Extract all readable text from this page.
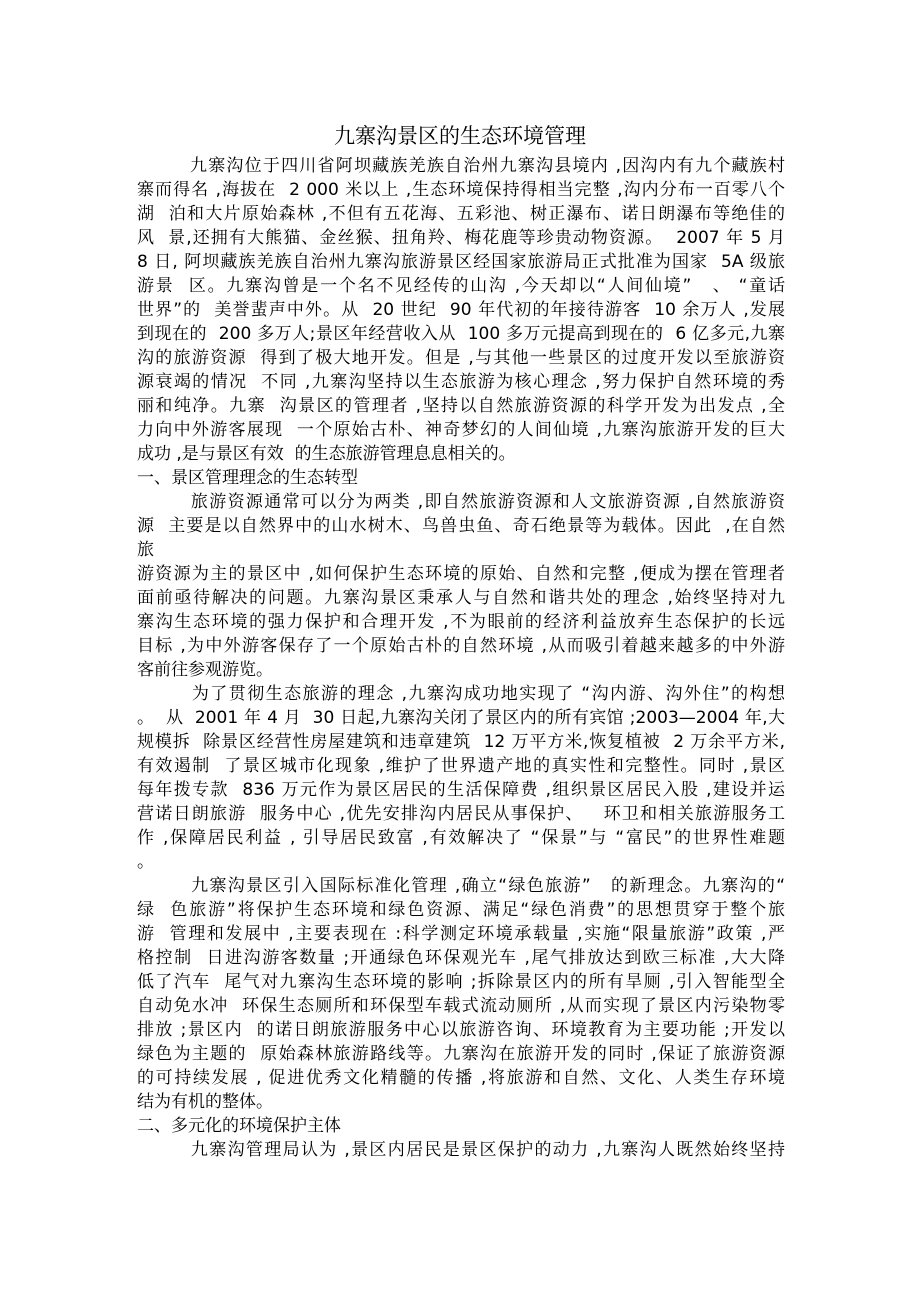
九寨沟景区的生态环境管理
九寨沟位于四川省阿坝藏族羌族自治州九寨沟县境内 ,因沟内有九个藏族村
寨而得名 ,海拔在  2 000 米以上 ,生态环境保持得相当完整 ,沟内分布一百零八个
湖  泊和大片原始森林 ,不但有五花海、五彩池、树正瀑布、诺日朗瀑布等绝佳的
风  景,还拥有大熊猫、金丝猴、扭角羚、梅花鹿等珍贵动物资源。  2007 年 5 月
8 日, 阿坝藏族羌族自治州九寨沟旅游景区经国家旅游局正式批准为国家  5A 级旅
游景  区。九寨沟曾是一个名不见经传的山沟 ,今天却以“人间仙境”   、 “童话
世界”的  美誉蜚声中外。从  20 世纪  90 年代初的年接待游客  10 余万人 ,发展
到现在的  200 多万人;景区年经营收入从  100 多万元提高到现在的  6 亿多元,九寨
沟的旅游资源  得到了极大地开发。但是 ,与其他一些景区的过度开发以至旅游资
源衰竭的情况  不同 ,九寨沟坚持以生态旅游为核心理念 ,努力保护自然环境的秀
丽和纯净。九寨  沟景区的管理者 ,坚持以自然旅游资源的科学开发为出发点 ,全
力向中外游客展现  一个原始古朴、神奇梦幻的人间仙境 ,九寨沟旅游开发的巨大
成功 ,是与景区有效  的生态旅游管理息息相关的。
一、景区管理理念的生态转型
旅游资源通常可以分为两类 ,即自然旅游资源和人文旅游资源 ,自然旅游资
源  主要是以自然界中的山水树木、鸟兽虫鱼、奇石绝景等为载体。因此  ,在自然
旅
游资源为主的景区中 ,如何保护生态环境的原始、自然和完整 ,便成为摆在管理者
面前亟待解决的问题。九寨沟景区秉承人与自然和谐共处的理念 ,始终坚持对九
寨沟生态环境的强力保护和合理开发 ,不为眼前的经济利益放弃生态保护的长远
目标 ,为中外游客保存了一个原始古朴的自然环境 ,从而吸引着越来越多的中外游
客前往参观游览。
为了贯彻生态旅游的理念 ,九寨沟成功地实现了 “沟内游、沟外住”的构想
。  从  2001 年 4 月  30 日起,九寨沟关闭了景区内的所有宾馆 ;2003—2004 年,大
规模拆  除景区经营性房屋建筑和违章建筑  12 万平方米,恢复植被  2 万余平方米,
有效遏制  了景区城市化现象 ,维护了世界遗产地的真实性和完整性。同时 ,景区
每年拨专款  836 万元作为景区居民的生活保障费 ,组织景区居民入股 ,建设并运
营诺日朗旅游  服务中心 ,优先安排沟内居民从事保护、   环卫和相关旅游服务工
作 ,保障居民利益 , 引导居民致富 ,有效解决了 “保景”与 “富民”的世界性难题
。
九寨沟景区引入国际标准化管理 ,确立“绿色旅游”   的新理念。九寨沟的“
绿  色旅游”将保护生态环境和绿色资源、满足“绿色消费”的思想贯穿于整个旅
游  管理和发展中 ,主要表现在 :科学测定环境承载量 ,实施“限量旅游”政策 ,严
格控制  日进沟游客数量 ;开通绿色环保观光车 ,尾气排放达到欧三标准 ,大大降
低了汽车  尾气对九寨沟生态环境的影响 ;拆除景区内的所有旱厕 ,引入智能型全
自动免水冲  环保生态厕所和环保型车载式流动厕所 ,从而实现了景区内污染物零
排放 ;景区内  的诺日朗旅游服务中心以旅游咨询、环境教育为主要功能 ;开发以
绿色为主题的  原始森林旅游路线等。九寨沟在旅游开发的同时 ,保证了旅游资源
的可持续发展 , 促进优秀文化精髓的传播 ,将旅游和自然、文化、人类生存环境
结为有机的整体。
二、多元化的环境保护主体
九寨沟管理局认为 ,景区内居民是景区保护的动力 ,九寨沟人既然始终坚持
